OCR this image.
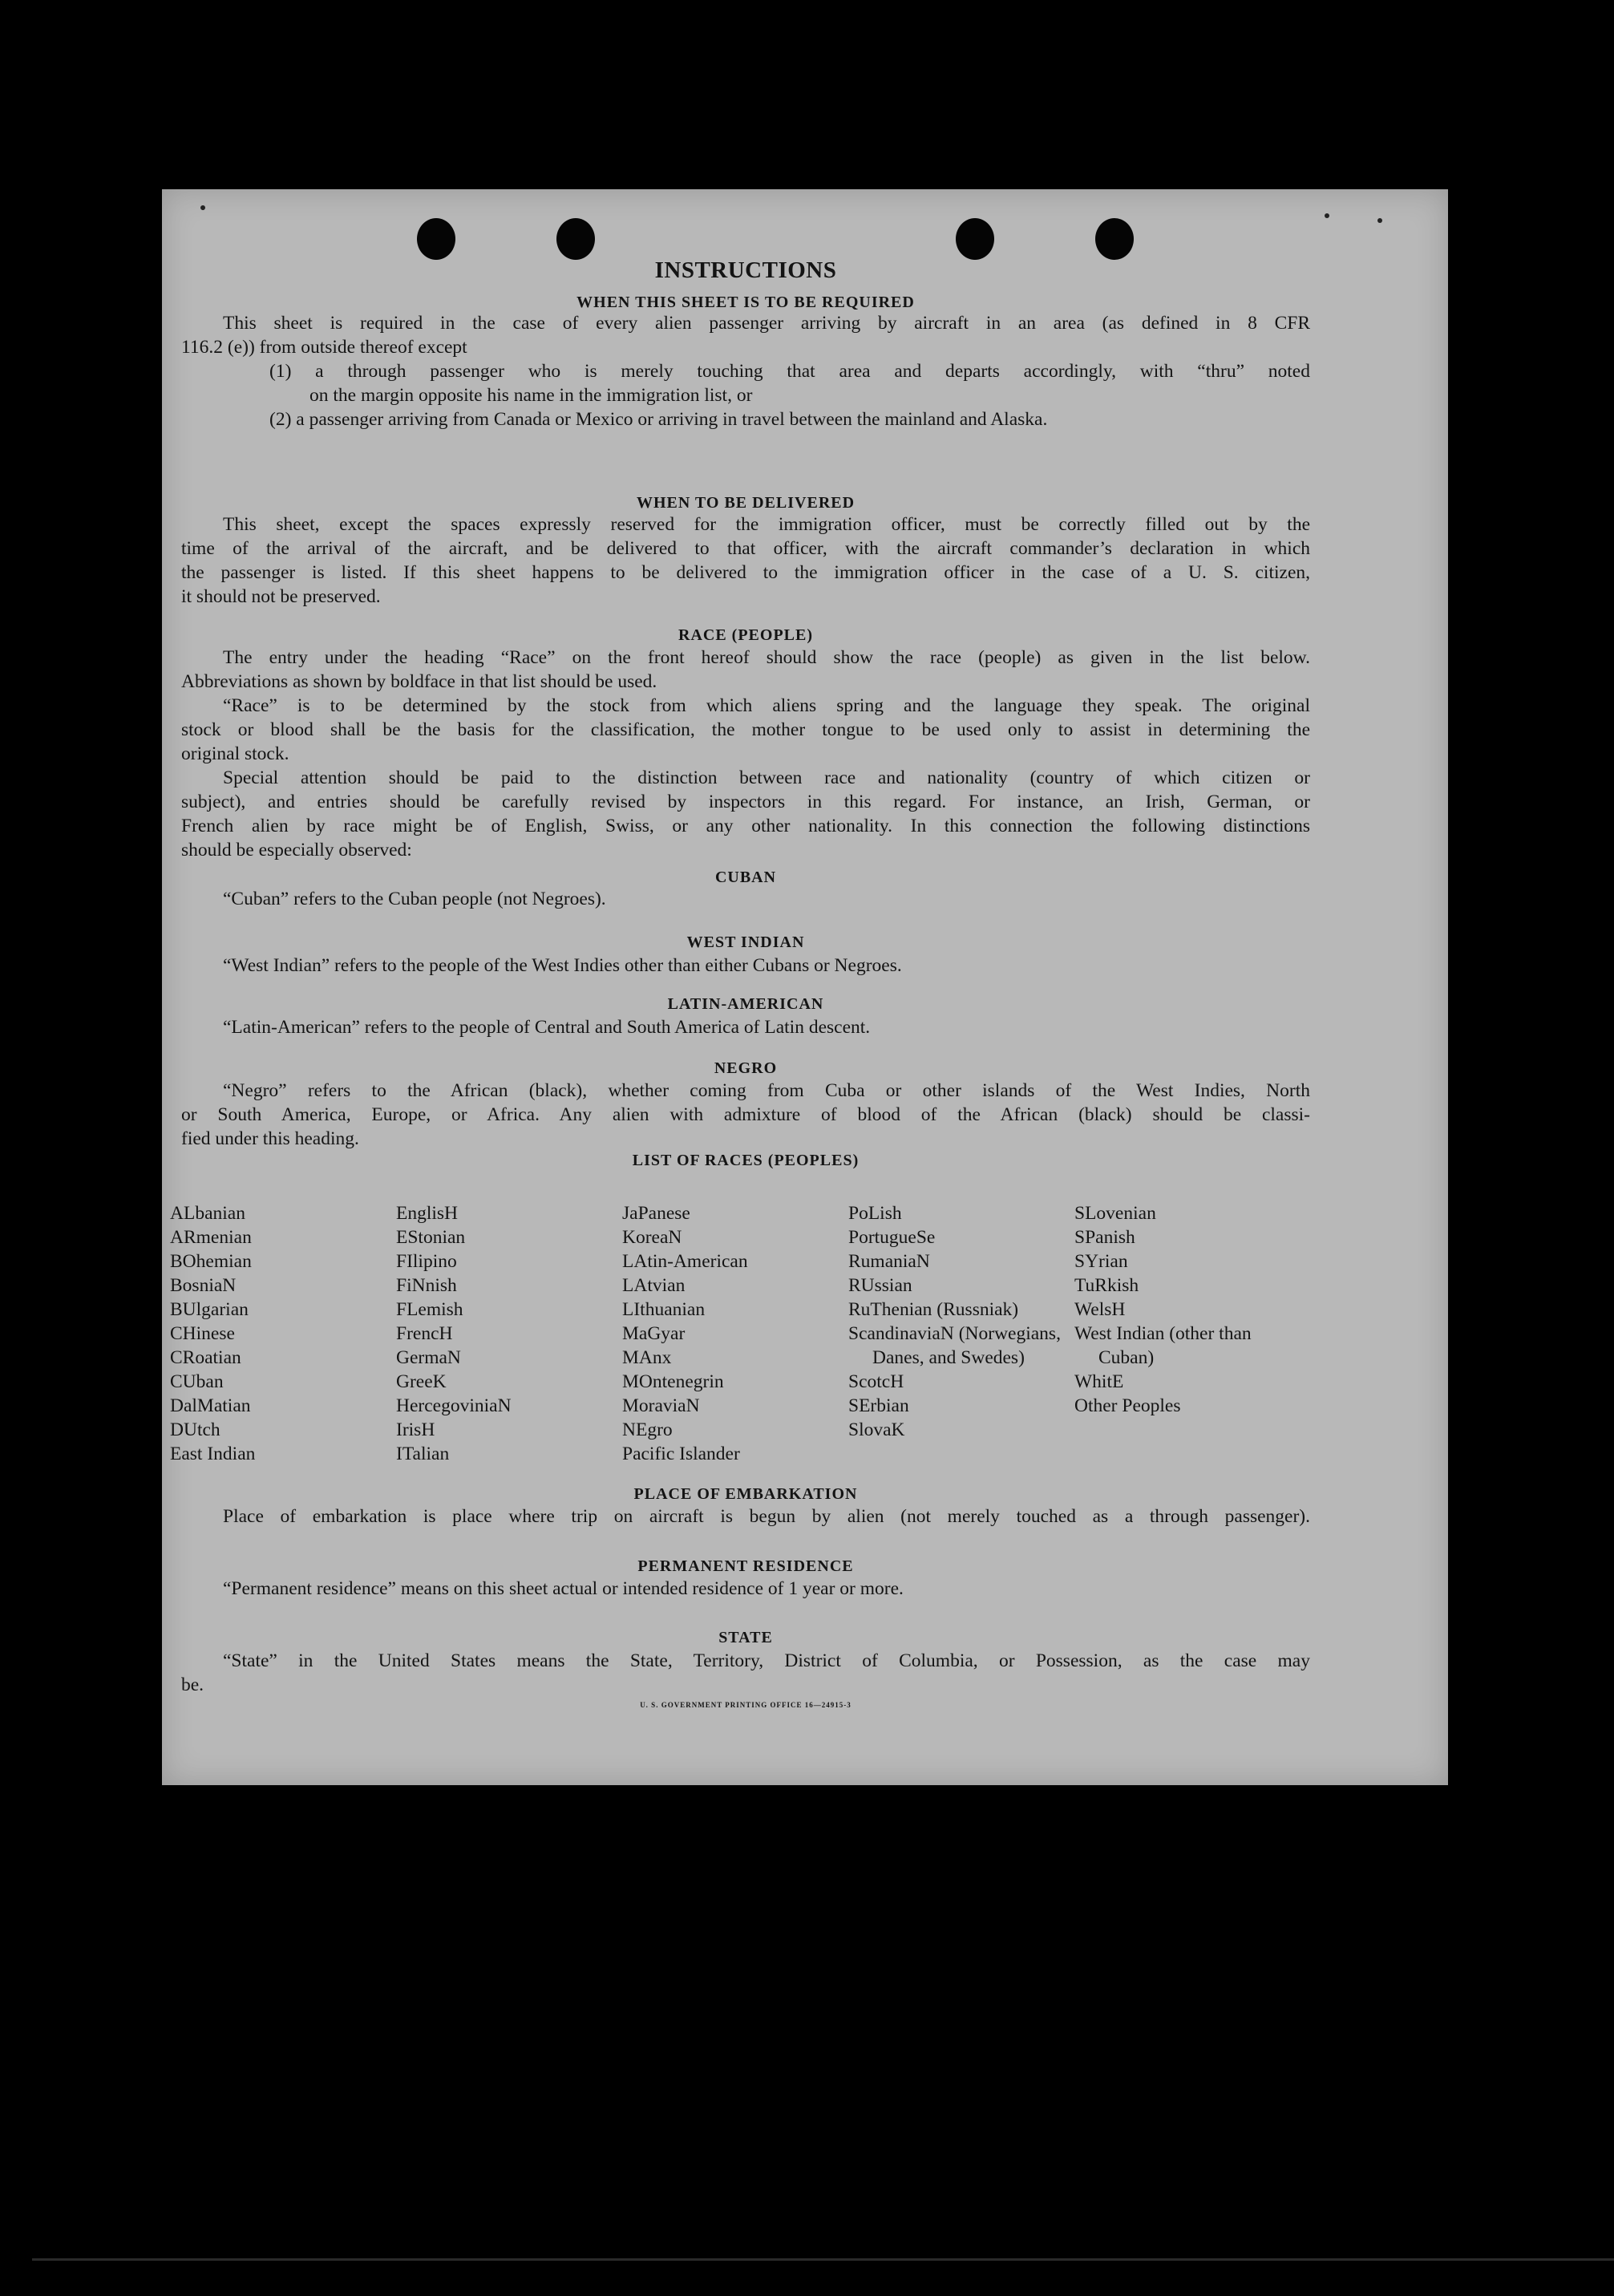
INSTRUCTIONS
WHEN THIS SHEET IS TO BE REQUIRED
This sheet is required in the case of every alien passenger arriving by aircraft in an area (as defined in 8 CFR
116.2 (e)) from outside thereof except
(1) a through passenger who is merely touching that area and departs accordingly, with “thru” noted
on the margin opposite his name in the immigration list, or
(2) a passenger arriving from Canada or Mexico or arriving in travel between the mainland and Alaska.
WHEN TO BE DELIVERED
This sheet, except the spaces expressly reserved for the immigration officer, must be correctly filled out by the
time of the arrival of the aircraft, and be delivered to that officer, with the aircraft commander’s declaration in which
the passenger is listed. If this sheet happens to be delivered to the immigration officer in the case of a U. S. citizen,
it should not be preserved.
RACE (PEOPLE)
The entry under the heading “Race” on the front hereof should show the race (people) as given in the list below.
Abbreviations as shown by boldface in that list should be used.
“Race” is to be determined by the stock from which aliens spring and the language they speak. The original
stock or blood shall be the basis for the classification, the mother tongue to be used only to assist in determining the
original stock.
Special attention should be paid to the distinction between race and nationality (country of which citizen or
subject), and entries should be carefully revised by inspectors in this regard. For instance, an Irish, German, or
French alien by race might be of English, Swiss, or any other nationality. In this connection the following distinctions
should be especially observed:
CUBAN
“Cuban” refers to the Cuban people (not Negroes).
WEST INDIAN
“West Indian” refers to the people of the West Indies other than either Cubans or Negroes.
LATIN-AMERICAN
“Latin-American” refers to the people of Central and South America of Latin descent.
NEGRO
“Negro” refers to the African (black), whether coming from Cuba or other islands of the West Indies, North
or South America, Europe, or Africa. Any alien with admixture of blood of the African (black) should be classi-
fied under this heading.
LIST OF RACES (PEOPLES)
ALbanian
ARmenian
BOhemian
BosniaN
BUlgarian
CHinese
CRoatian
CUban
DalMatian
DUtch
East Indian
EnglisH
EStonian
FIlipino
FiNnish
FLemish
FrencH
GermaN
GreeK
HercegoviniaN
IrisH
ITalian
JaPanese
KoreaN
LAtin-American
LAtvian
LIthuanian
MaGyar
MAnx
MOntenegrin
MoraviaN
NEgro
Pacific Islander
PoLish
PortugueSe
RumaniaN
RUssian
RuThenian (Russniak)
ScandinaviaN (Norwegians, Danes, and Swedes)
ScotcH
SErbian
SlovaK
SLovenian
SPanish
SYrian
TuRkish
WelsH
West Indian (other than Cuban)
WhitE
Other Peoples
PLACE OF EMBARKATION
Place of embarkation is place where trip on aircraft is begun by alien (not merely touched as a through passenger).
PERMANENT RESIDENCE
“Permanent residence” means on this sheet actual or intended residence of 1 year or more.
STATE
“State” in the United States means the State, Territory, District of Columbia, or Possession, as the case may
be.
U. S. GOVERNMENT PRINTING OFFICE 16—24915-3
